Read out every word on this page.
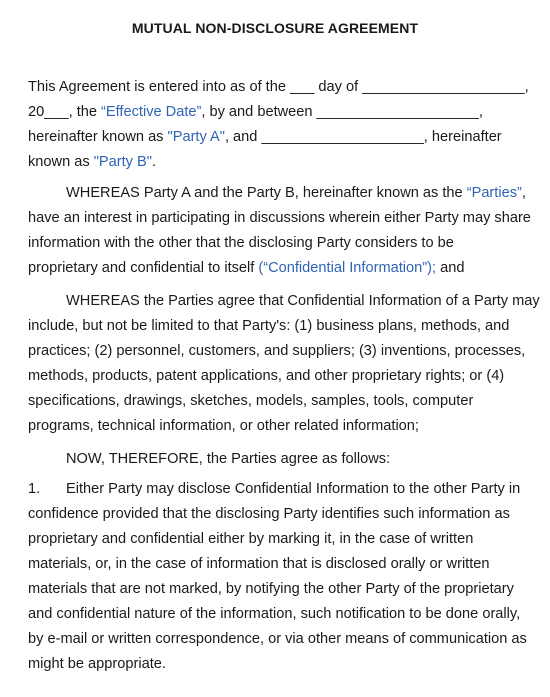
MUTUAL NON-DISCLOSURE AGREEMENT
This Agreement is entered into as of the ___ day of ____________________,
20___, the “Effective Date”, by and between ____________________,
hereinafter known as "Party A", and ____________________, hereinafter
known as "Party B".
WHEREAS Party A and the Party B, hereinafter known as the “Parties”,
have an interest in participating in discussions wherein either Party may share
information with the other that the disclosing Party considers to be
proprietary and confidential to itself (“Confidential Information”); and
WHEREAS the Parties agree that Confidential Information of a Party may
include, but not be limited to that Party's: (1) business plans, methods, and
practices; (2) personnel, customers, and suppliers; (3) inventions, processes,
methods, products, patent applications, and other proprietary rights; or (4)
specifications, drawings, sketches, models, samples, tools, computer
programs, technical information, or other related information;
NOW, THEREFORE, the Parties agree as follows:
1. Either Party may disclose Confidential Information to the other Party in
confidence provided that the disclosing Party identifies such information as
proprietary and confidential either by marking it, in the case of written
materials, or, in the case of information that is disclosed orally or written
materials that are not marked, by notifying the other Party of the proprietary
and confidential nature of the information, such notification to be done orally,
by e-mail or written correspondence, or via other means of communication as
might be appropriate.
